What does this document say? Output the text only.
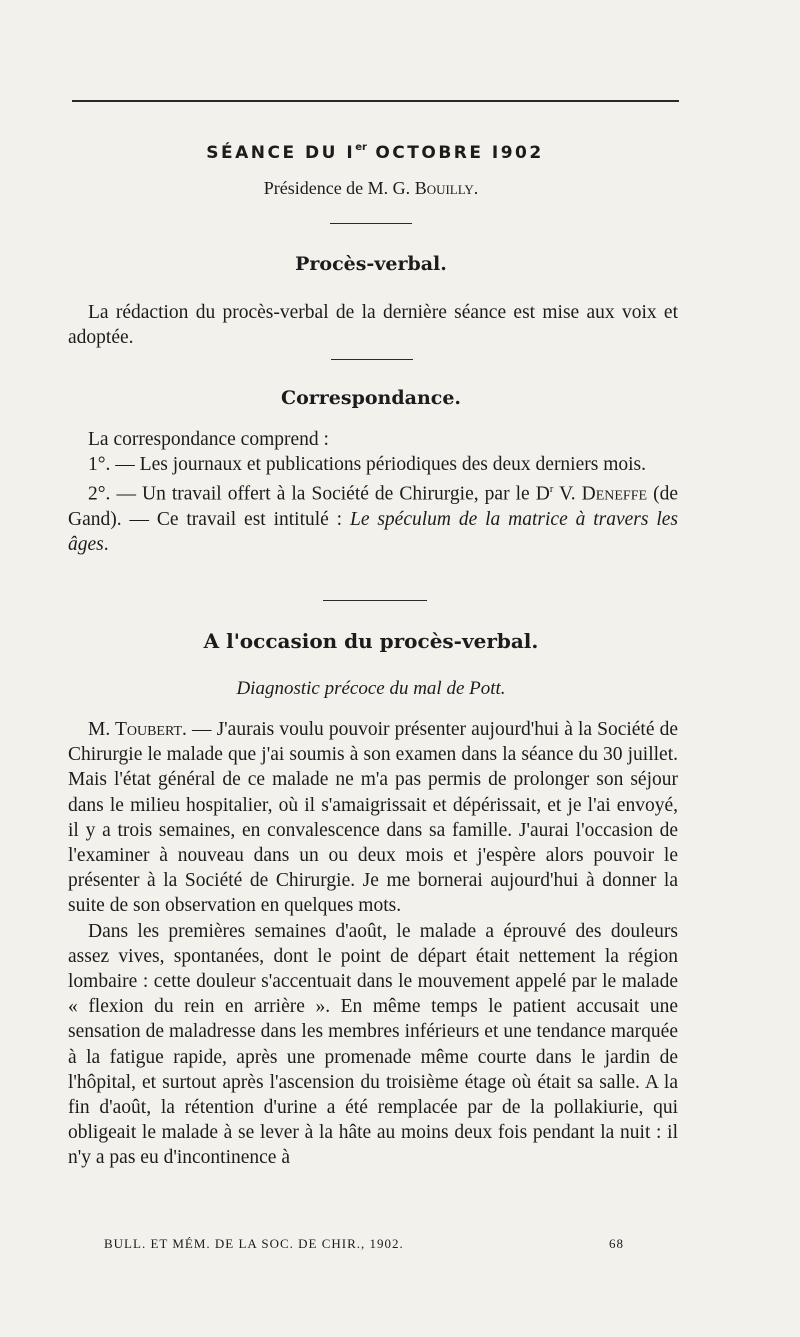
SÉANCE DU Ier OCTOBRE I902
Présidence de M. G. Bouilly.
Procès-verbal.

La rédaction du procès-verbal de la dernière séance est mise aux voix et adoptée.

Correspondance.

La correspondance comprend :

1°. — Les journaux et publications périodiques des deux derniers mois.

2°. — Un travail offert à la Société de Chirurgie, par le $D^r$ V. Deneffe (de Gand). — Ce travail est intitulé : Le spéculum de la matrice à travers les âges.

A l'occasion du procès-verbal.
Diagnostic précoce du mal de Pott.

M. Toubert. — J'aurais voulu pouvoir présenter aujourd'hui à la Société de Chirurgie le malade que j'ai soumis à son examen dans la séance du 30 juillet. Mais l'état général de ce malade ne m'a pas permis de prolonger son séjour dans le milieu hospitalier, où il s'amaigrissait et dépérissait, et je l'ai envoyé, il y a trois semaines, en convalescence dans sa famille. J'aurai l'occasion de l'examiner à nouveau dans un ou deux mois et j'espère alors pouvoir le présenter à la Société de Chirurgie. Je me bornerai aujourd'hui à donner la suite de son observation en quelques mots.

Dans les premières semaines d'août, le malade a éprouvé des douleurs assez vives, spontanées, dont le point de départ était nettement la région lombaire : cette douleur s'accentuait dans le mouvement appelé par le malade « flexion du rein en arrière ». En même temps le patient accusait une sensation de maladresse dans les membres inférieurs et une tendance marquée à la fatigue rapide, après une promenade même courte dans le jardin de l'hôpital, et surtout après l'ascension du troisième étage où était sa salle. A la fin d'août, la rétention d'urine a été remplacée par de la pollakiurie, qui obligeait le malade à se lever à la hâte au moins deux fois pendant la nuit : il n'y a pas eu d'incontinence à

BULL. ET MÉM. DE LA SOC. DE CHIR., 1902.	68
